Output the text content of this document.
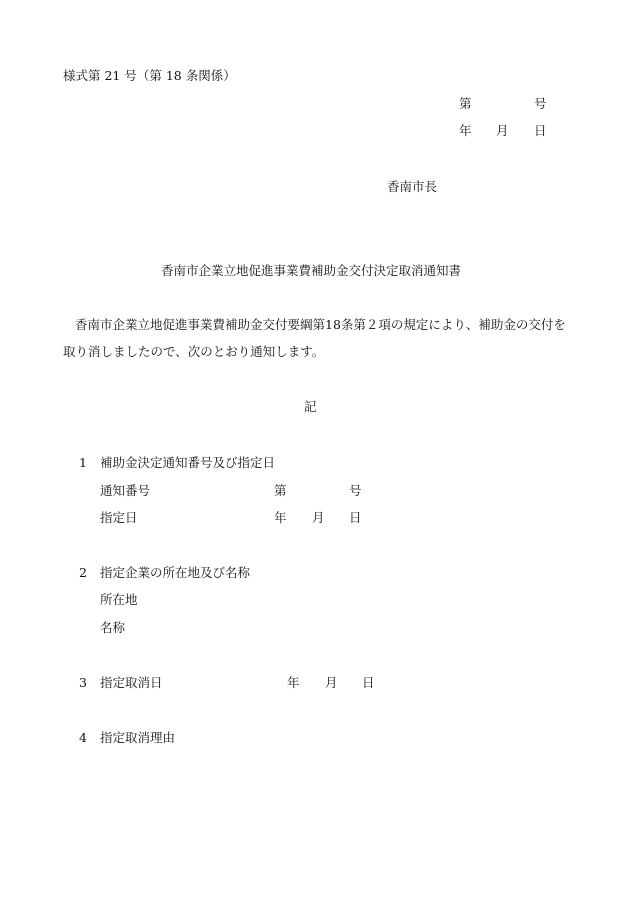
様式第 21 号（第 18 条関係）
第	号
年 月 日
香南市長
香南市企業立地促進事業費補助金交付決定取消通知書
香南市企業立地促進事業費補助金交付要綱第18条第２項の規定により、補助金の交付を
取り消しましたので、次のとおり通知します。
記
1 補助金決定通知番号及び指定日
通知番号	第	号
指定日	年 月 日
2 指定企業の所在地及び名称
所在地
名称
3 指定取消日	年 月 日
4 指定取消理由
